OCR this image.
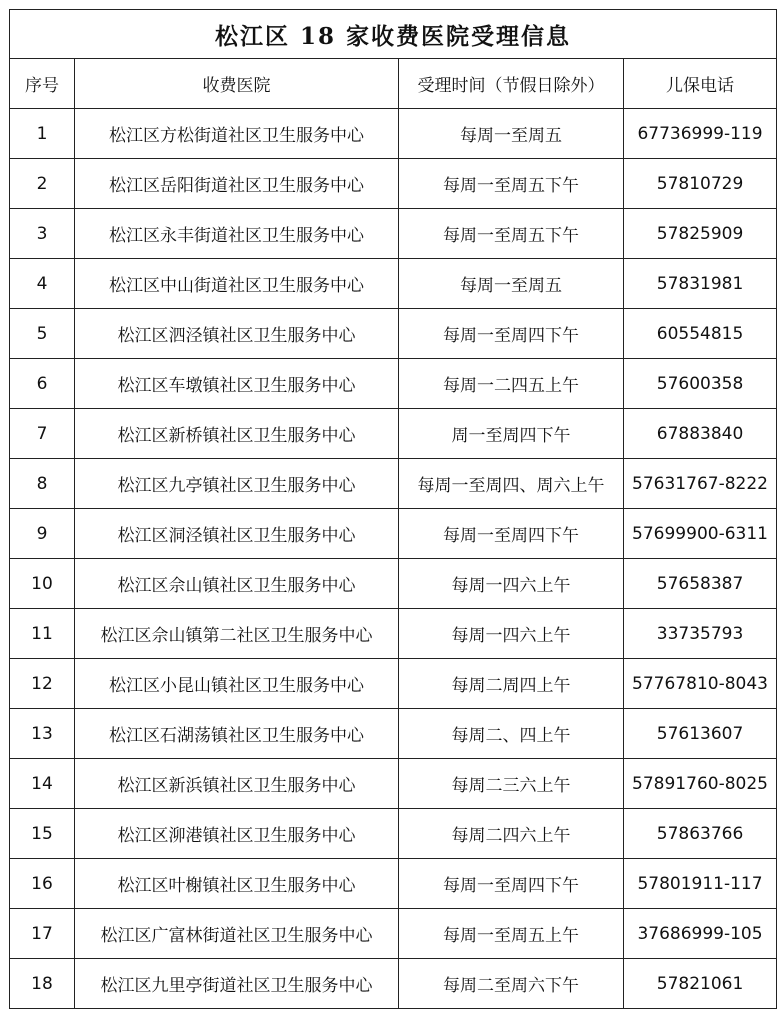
松江区 18 家收费医院受理信息			
序号	收费医院	受理时间（节假日除外）	儿保电话
1	松江区方松街道社区卫生服务中心	每周一至周五	67736999-119
2	松江区岳阳街道社区卫生服务中心	每周一至周五下午	57810729
3	松江区永丰街道社区卫生服务中心	每周一至周五下午	57825909
4	松江区中山街道社区卫生服务中心	每周一至周五	57831981
5	松江区泗泾镇社区卫生服务中心	每周一至周四下午	60554815
6	松江区车墩镇社区卫生服务中心	每周一二四五上午	57600358
7	松江区新桥镇社区卫生服务中心	周一至周四下午	67883840
8	松江区九亭镇社区卫生服务中心	每周一至周四、周六上午	57631767-8222
9	松江区洞泾镇社区卫生服务中心	每周一至周四下午	57699900-6311
10	松江区佘山镇社区卫生服务中心	每周一四六上午	57658387
11	松江区佘山镇第二社区卫生服务中心	每周一四六上午	33735793
12	松江区小昆山镇社区卫生服务中心	每周二周四上午	57767810-8043
13	松江区石湖荡镇社区卫生服务中心	每周二、四上午	57613607
14	松江区新浜镇社区卫生服务中心	每周二三六上午	57891760-8025
15	松江区泖港镇社区卫生服务中心	每周二四六上午	57863766
16	松江区叶榭镇社区卫生服务中心	每周一至周四下午	57801911-117
17	松江区广富林街道社区卫生服务中心	每周一至周五上午	37686999-105
18	松江区九里亭街道社区卫生服务中心	每周二至周六下午	57821061
